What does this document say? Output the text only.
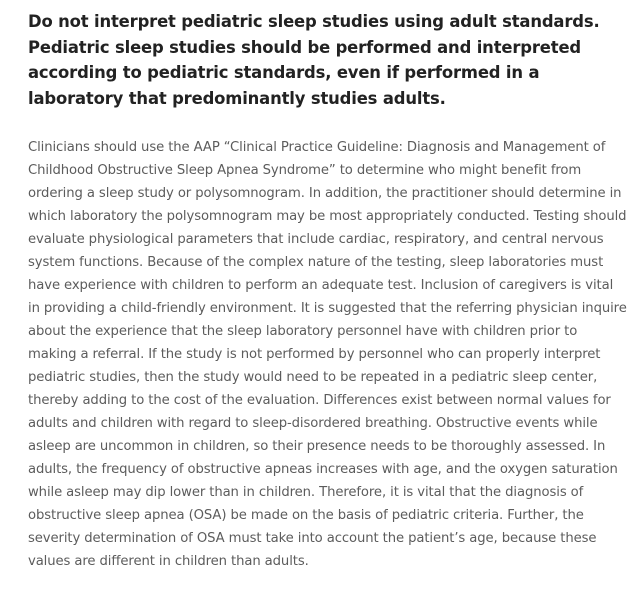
Do not interpret pediatric sleep studies using adult standards. Pediatric sleep studies should be performed and interpreted according to pediatric standards, even if performed in a laboratory that predominantly studies adults.

Clinicians should use the AAP “Clinical Practice Guideline: Diagnosis and Management of Childhood Obstructive Sleep Apnea Syndrome” to determine who might benefit from ordering a sleep study or polysomnogram. In addition, the practitioner should determine in which laboratory the polysomnogram may be most appropriately conducted. Testing should evaluate physiological parameters that include cardiac, respiratory, and central nervous system functions. Because of the complex nature of the testing, sleep laboratories must have experience with children to perform an adequate test. Inclusion of caregivers is vital in providing a child-friendly environment. It is suggested that the referring physician inquire about the experience that the sleep laboratory personnel have with children prior to making a referral. If the study is not performed by personnel who can properly interpret pediatric studies, then the study would need to be repeated in a pediatric sleep center, thereby adding to the cost of the evaluation. Differences exist between normal values for adults and children with regard to sleep-disordered breathing. Obstructive events while asleep are uncommon in children, so their presence needs to be thoroughly assessed. In adults, the frequency of obstructive apneas increases with age, and the oxygen saturation while asleep may dip lower than in children. Therefore, it is vital that the diagnosis of obstructive sleep apnea (OSA) be made on the basis of pediatric criteria. Further, the severity determination of OSA must take into account the patient’s age, because these values are different in children than adults.
